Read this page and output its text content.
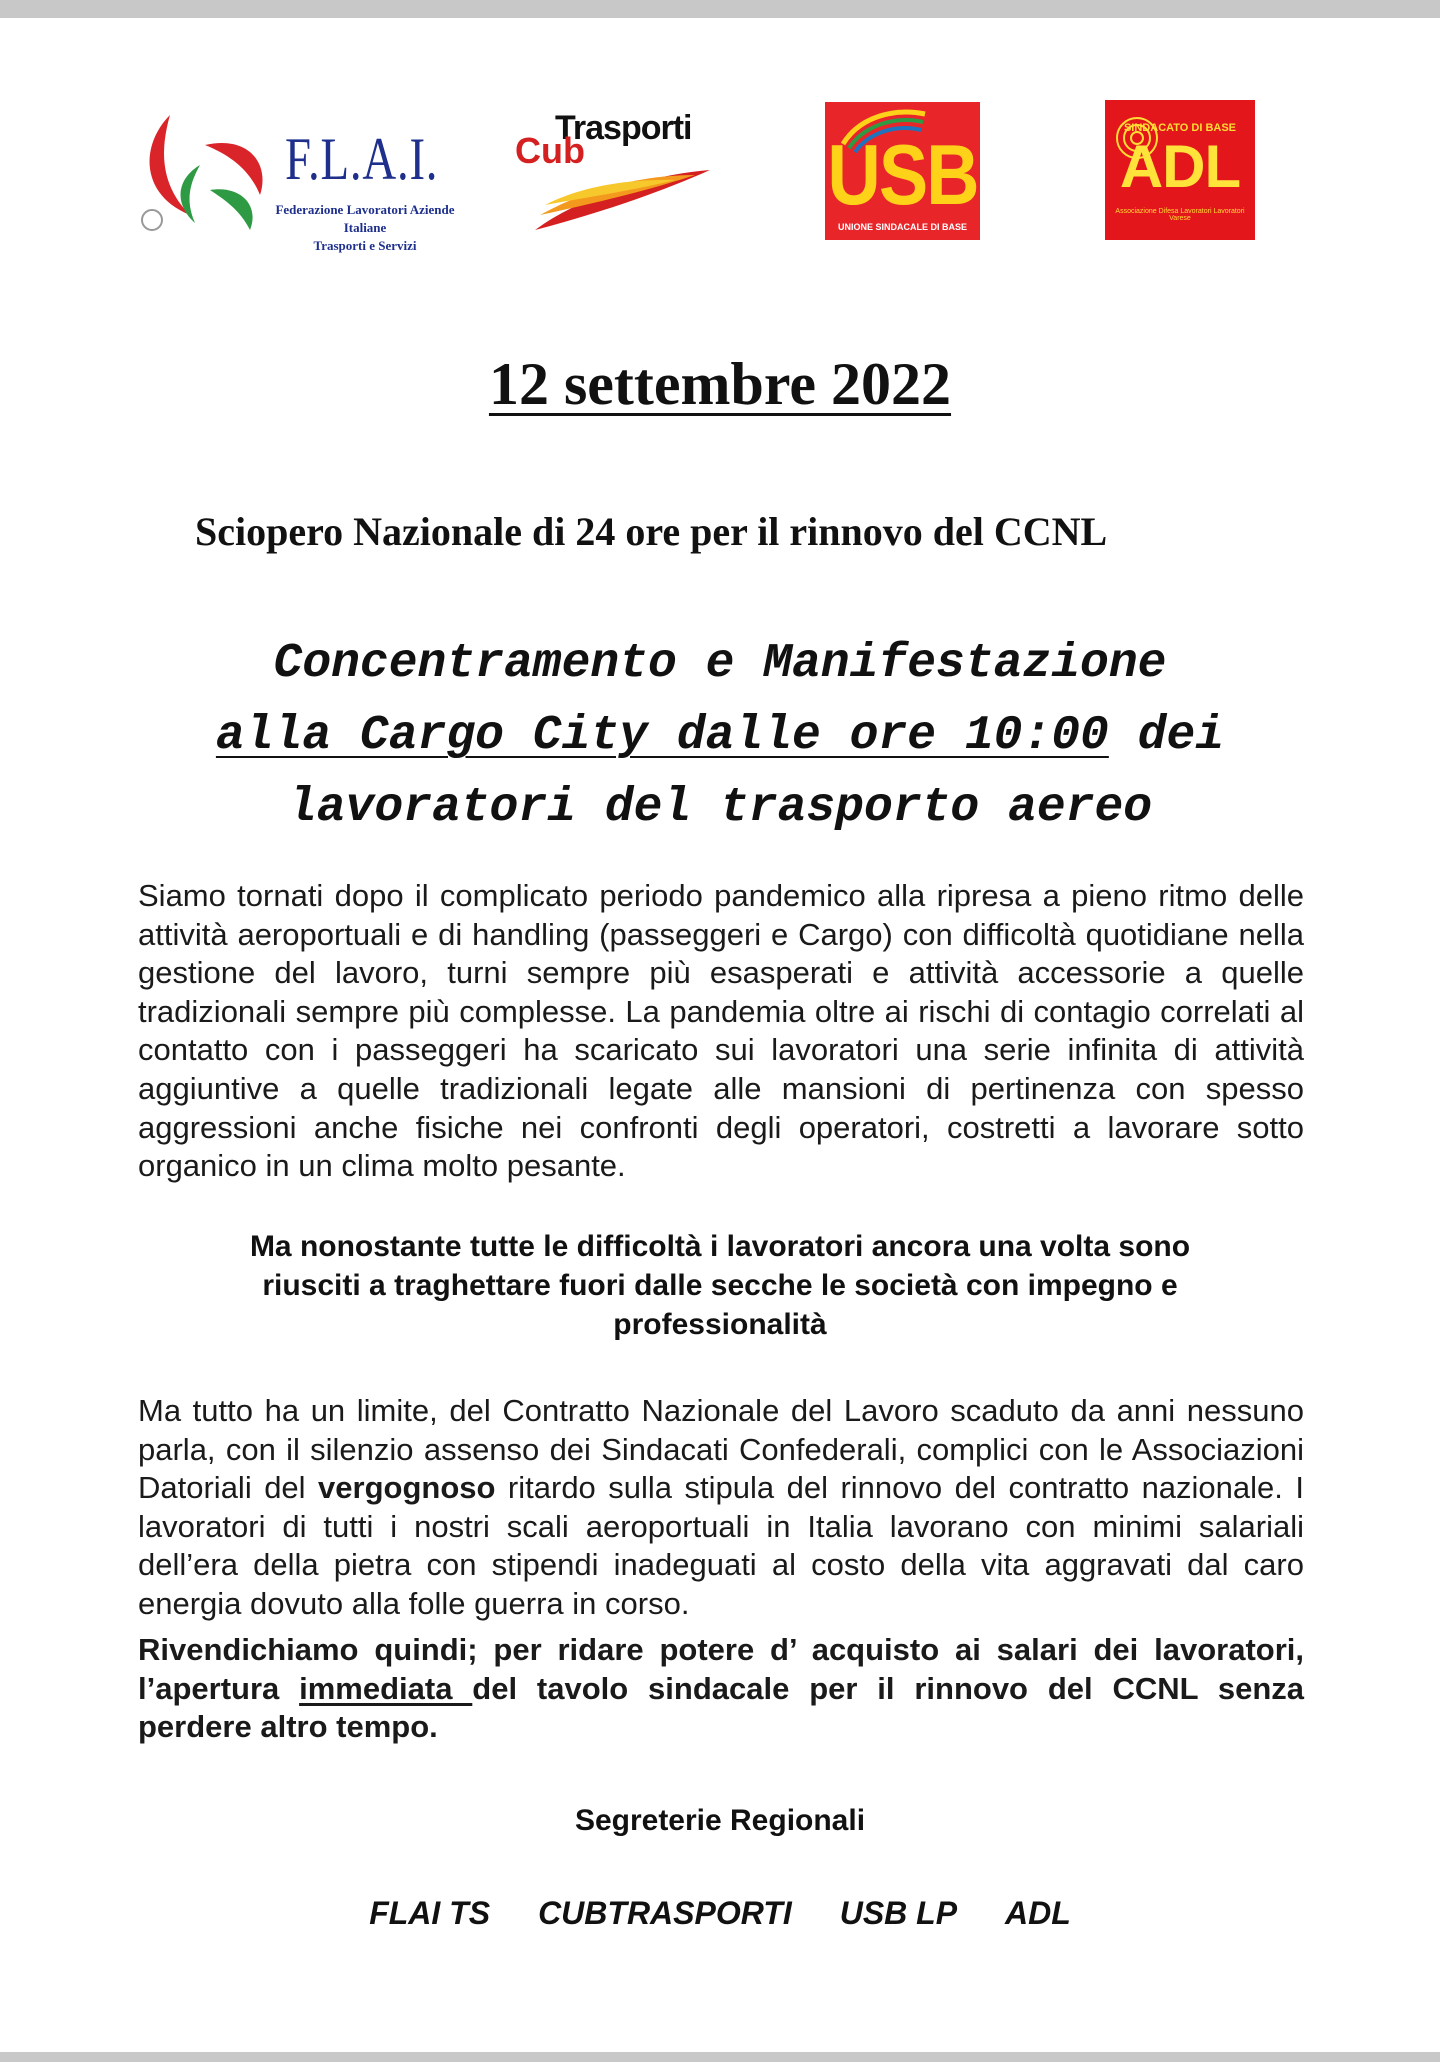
F.L.A.I.
Federazione Lavoratori Aziende Italiane
Trasporti e Servizi
Trasporti
Cub	USB
UNIONE SINDACALE DI BASE
SINDACATO DI BASE
ADL
Associazione Difesa Lavoratori Lavoratori Varese
12 settembre 2022
Sciopero Nazionale di 24 ore per il rinnovo del CCNL
Concentramento e Manifestazione
alla Cargo City dalle ore 10:00 dei
lavoratori del trasporto aereo
Siamo tornati dopo il complicato periodo pandemico alla ripresa a pieno ritmo delle attività aeroportuali e di handling (passeggeri e Cargo) con difficoltà quotidiane nella gestione del lavoro, turni sempre più esasperati e attività accessorie a quelle tradizionali sempre più complesse. La pandemia oltre ai rischi di contagio correlati al contatto con i passeggeri ha scaricato sui lavoratori una serie infinita di attività aggiuntive a quelle tradizionali legate alle mansioni di pertinenza con spesso aggressioni anche fisiche nei confronti degli operatori, costretti a lavorare sotto organico in un clima molto pesante.
Ma nonostante tutte le difficoltà i lavoratori ancora una volta sono
riusciti a traghettare fuori dalle secche le società con impegno e
professionalità
Ma tutto ha un limite, del Contratto Nazionale del Lavoro scaduto da anni nessuno parla, con il silenzio assenso dei Sindacati Confederali, complici con le Associazioni Datoriali del vergognoso ritardo sulla stipula del rinnovo del contratto nazionale. I lavoratori di tutti i nostri scali aeroportuali in Italia lavorano con minimi salariali dell’era della pietra con stipendi inadeguati al costo della vita aggravati dal caro energia dovuto alla folle guerra in corso.
Rivendichiamo quindi; per ridare potere d’ acquisto ai salari dei lavoratori, l’apertura immediata del tavolo sindacale per il rinnovo del CCNL senza perdere altro tempo.
Segreterie Regionali
FLAI TS CUBTRASPORTI USB LP ADL
